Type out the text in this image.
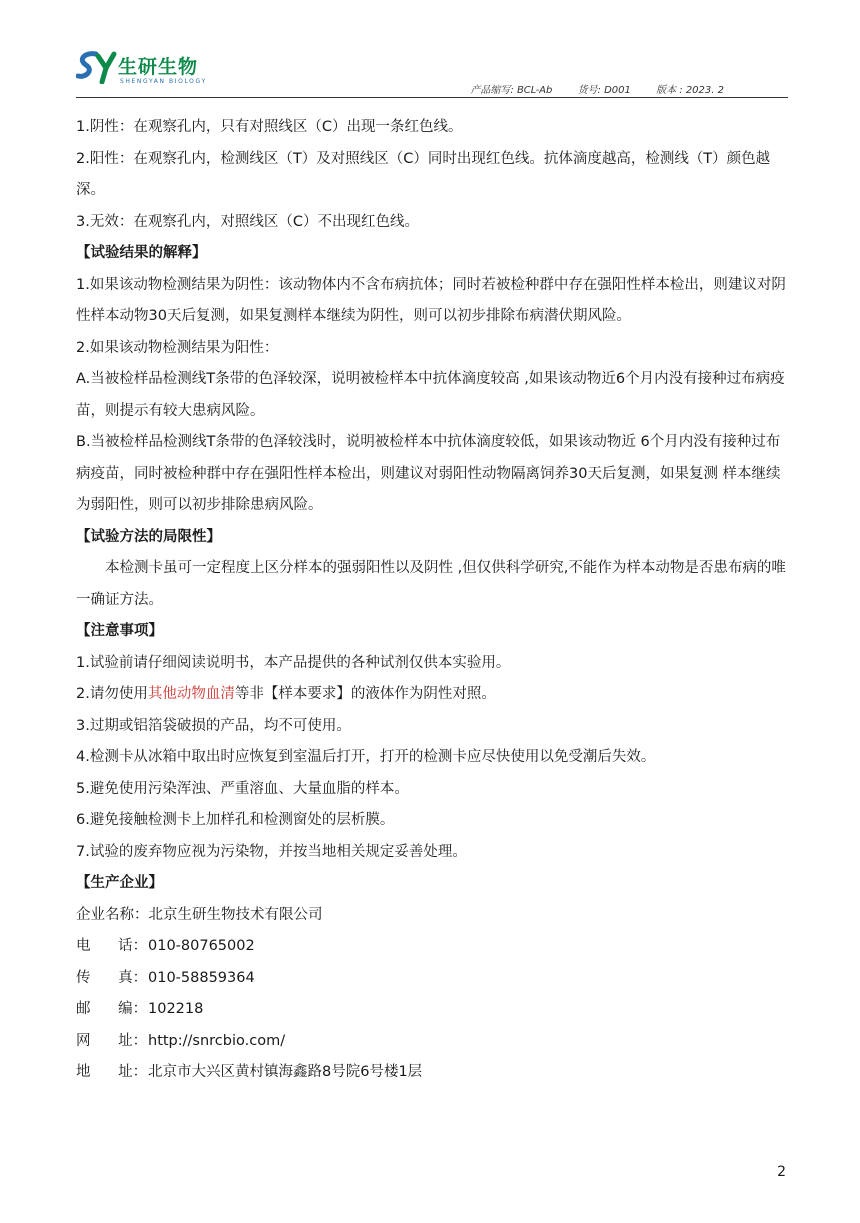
生研生物
SHENGYAN BIOLOGY
产品缩写: BCL-Ab	货号: D001	版本 : 2023. 2

1.阴性：在观察孔内，只有对照线区（C）出现一条红色线。

2.阳性：在观察孔内，检测线区（T）及对照线区（C）同时出现红色线。抗体滴度越高，检测线（T）颜色越深。

3.无效：在观察孔内，对照线区（C）不出现红色线。

【试验结果的解释】

1.如果该动物检测结果为阴性：该动物体内不含布病抗体；同时若被检种群中存在强阳性样本检出，则建议对阴性样本动物30天后复测，如果复测样本继续为阴性，则可以初步排除布病潜伏期风险。

2.如果该动物检测结果为阳性：

A.当被检样品检测线T条带的色泽较深，说明被检样本中抗体滴度较高 ,如果该动物近6个月内没有接种过布病疫苗，则提示有较大患病风险。

B.当被检样品检测线T条带的色泽较浅时，说明被检样本中抗体滴度较低，如果该动物近 6个月内没有接种过布病疫苗，同时被检种群中存在强阳性样本检出，则建议对弱阳性动物隔离饲养30天后复测，如果复测 样本继续为弱阳性，则可以初步排除患病风险。

【试验方法的局限性】

本检测卡虽可一定程度上区分样本的强弱阳性以及阴性 ,但仅供科学研究,不能作为样本动物是否患布病的唯一确证方法。

【注意事项】

1.试验前请仔细阅读说明书，本产品提供的各种试剂仅供本实验用。

2.请勿使用其他动物血清等非【样本要求】的液体作为阴性对照。

3.过期或铝箔袋破损的产品，均不可使用。

4.检测卡从冰箱中取出时应恢复到室温后打开，打开的检测卡应尽快使用以免受潮后失效。

5.避免使用污染浑浊、严重溶血、大量血脂的样本。

6.避免接触检测卡上加样孔和检测窗处的层析膜。

7.试验的废弃物应视为污染物，并按当地相关规定妥善处理。

【生产企业】

企业名称：北京生研生物技术有限公司

电      话：010-80765002

传      真：010-58859364

邮      编：102218

网      址：http://snrcbio.com/

地      址：北京市大兴区黄村镇海鑫路8号院6号楼1层

2
